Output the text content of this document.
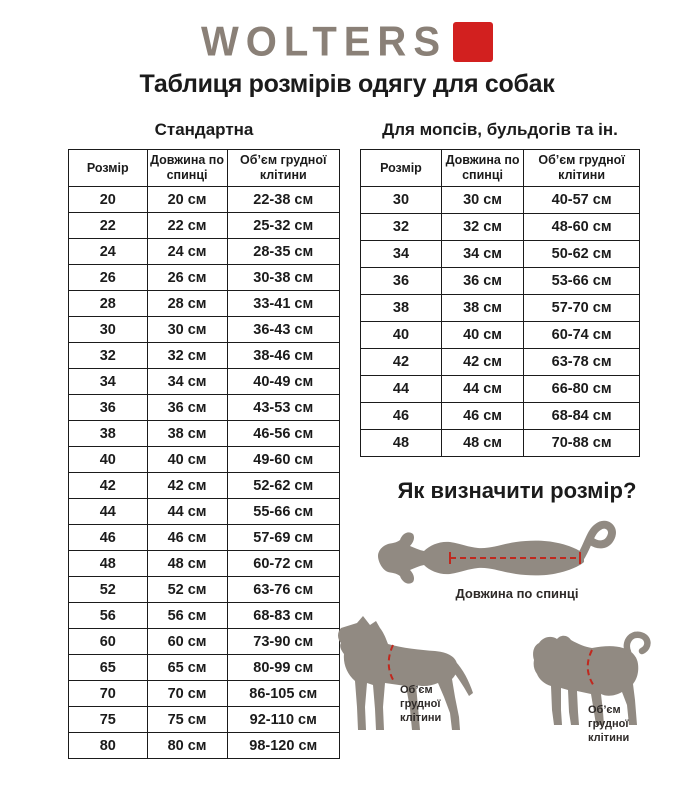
WOLTERS
Таблиця розмірів одягу для собак
Стандартна
Розмір	Довжина по спинці	Об’єм грудної клітини
20	20 см	22-38 см
22	22 см	25-32 см
24	24 см	28-35 см
26	26 см	30-38 см
28	28 см	33-41 см
30	30 см	36-43 см
32	32 см	38-46 см
34	34 см	40-49 см
36	36 см	43-53 см
38	38 см	46-56 см
40	40 см	49-60 см
42	42 см	52-62 см
44	44 см	55-66 см
46	46 см	57-69 см
48	48 см	60-72 см
52	52 см	63-76 см
56	56 см	68-83 см
60	60 см	73-90 см
65	65 см	80-99 см
70	70 см	86-105 см
75	75 см	92-110 см
80	80 см	98-120 см
Для мопсів, бульдогів та ін.
Розмір	Довжина по спинці	Об’єм грудної клітини
30	30 см	40-57 см
32	32 см	48-60 см
34	34 см	50-62 см
36	36 см	53-66 см
38	38 см	57-70 см
40	40 см	60-74 см
42	42 см	63-78 см
44	44 см	66-80 см
46	46 см	68-84 см
48	48 см	70-88 см
Як визначити розмір?
Довжина по спинці
Об’єм
грудної
клітини
Об’єм
грудної
клітини
